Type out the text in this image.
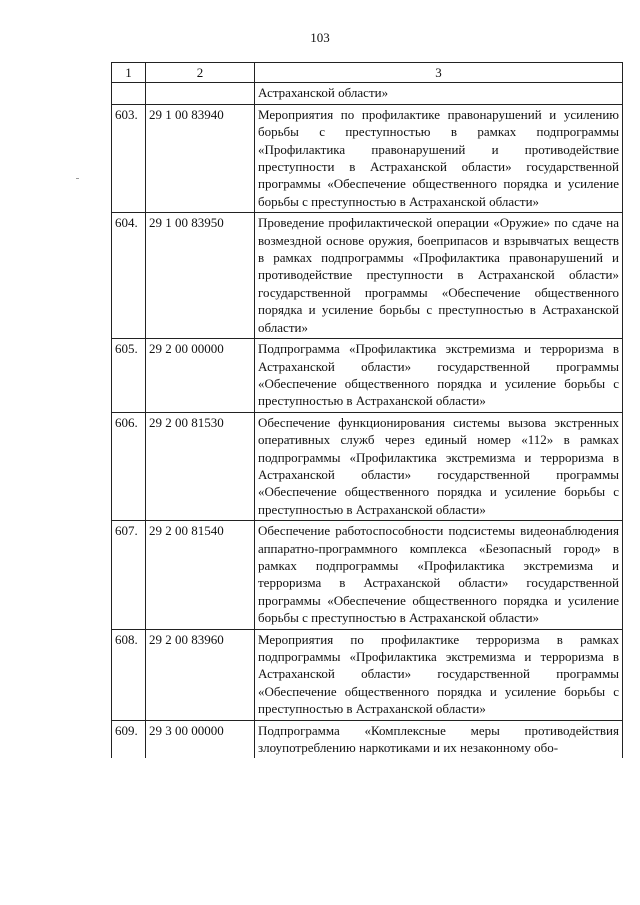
103
1	2	3
		Астраханской области»
603.	29 1 00 83940	Мероприятия по профилактике правонарушений и усилению борьбы с преступностью в рамках подпрограммы «Профилактика правонарушений и противодействие преступности в Астраханской области» государственной программы «Обеспечение общественного порядка и усиление борьбы с преступностью в Астраханской области»
604.	29 1 00 83950	Проведение профилактической операции «Оружие» по сдаче на возмездной основе оружия, боеприпасов и взрывчатых веществ в рамках подпрограммы «Профилактика правонарушений и противодействие преступности в Астраханской области» государственной программы «Обеспечение общественного порядка и усиление борьбы с преступностью в Астраханской области»
605.	29 2 00 00000	Подпрограмма «Профилактика экстремизма и терроризма в Астраханской области» государственной программы «Обеспечение общественного порядка и усиление борьбы с преступностью в Астраханской области»
606.	29 2 00 81530	Обеспечение функционирования системы вызова экстренных оперативных служб через единый номер «112» в рамках подпрограммы «Профилактика экстремизма и терроризма в Астраханской области» государственной программы «Обеспечение общественного порядка и усиление борьбы с преступностью в Астраханской области»
607.	29 2 00 81540	Обеспечение работоспособности подсистемы видеонаблюдения аппаратно-программного комплекса «Безопасный город» в рамках подпрограммы «Профилактика экстремизма и терроризма в Астраханской области» государственной программы «Обеспечение общественного порядка и усиление борьбы с преступностью в Астраханской области»
608.	29 2 00 83960	Мероприятия по профилактике терроризма в рамках подпрограммы «Профилактика экстремизма и терроризма в Астраханской области» государственной программы «Обеспечение общественного порядка и усиление борьбы с преступностью в Астраханской области»
609.	29 3 00 00000	Подпрограмма «Комплексные меры противодействия злоупотреблению наркотиками и их незаконному обо-
